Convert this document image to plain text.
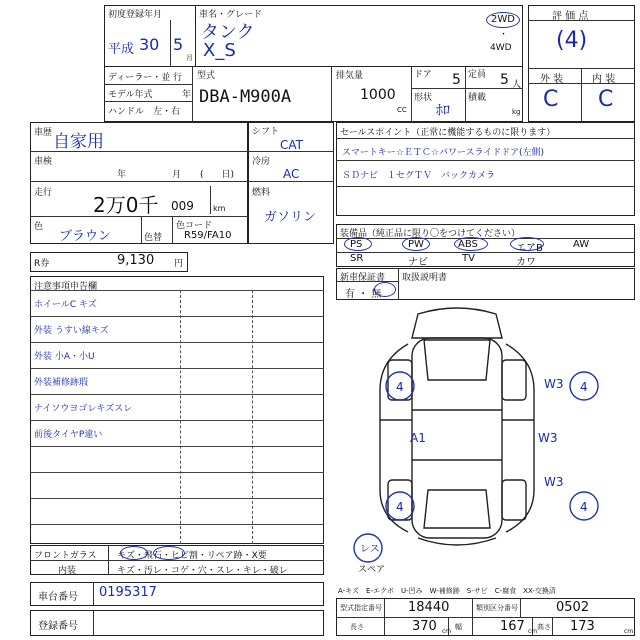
初度登録年月
平成 30 5
月
車名・グレード
タンク
X_S
2WD
・
4WD
評 価 点
(4)
外 装	内 装
C C
ディーラー・並 行
モデル年式	年
ハンドル　左・右
型式
DBA-M900A
排気量
1000
CC
ドア 5 定員 5 人
形状
ﾎﾛ
積載
kg
車歴 自家用
車検
年	月 (　　日)
走行 2万0千 009 km
色
ブラウン	色替
色コード
R59/FA10
シフト
CAT
冷房
AC
燃料
ガソリン
R券	9,130 円
セールスポイント（正常に機能するものに限ります）
スマートキー☆ＥＴＣ☆パワースライドドア(左側)
ＳＤナビ　１セグＴＶ　バックカメラ
装備品（純正品に限り〇をつけてください）
PS	PW	ABS	エアB	AW
SR	ナビ	TV	カワ
新車保証書
有 ・ 無
取扱説明書
注意事項申告欄
ホイールC キズ
外装 うすい線キズ
外装 小A・小U
外装補修跡瑕
ナイソウヨゴレキズスレ
前後タイヤP違い
フロントガラス キズ・飛石・ヒビ割・リペア跡・X要
内装	キズ・汚レ・コゲ・穴・スレ・キレ・破レ
4	W3
A1	W3
4
W3
4	4
レス
スペア
A-キズ　E-エクボ　U-凹み　W-補修跡　S-サビ　C-腐食　XX-交換済
車台番号 0195317
登録番号
型式指定番号 18440	類別区分番号	0502
長さ	370 cm
幅	167 cm
高さ 173	cm
